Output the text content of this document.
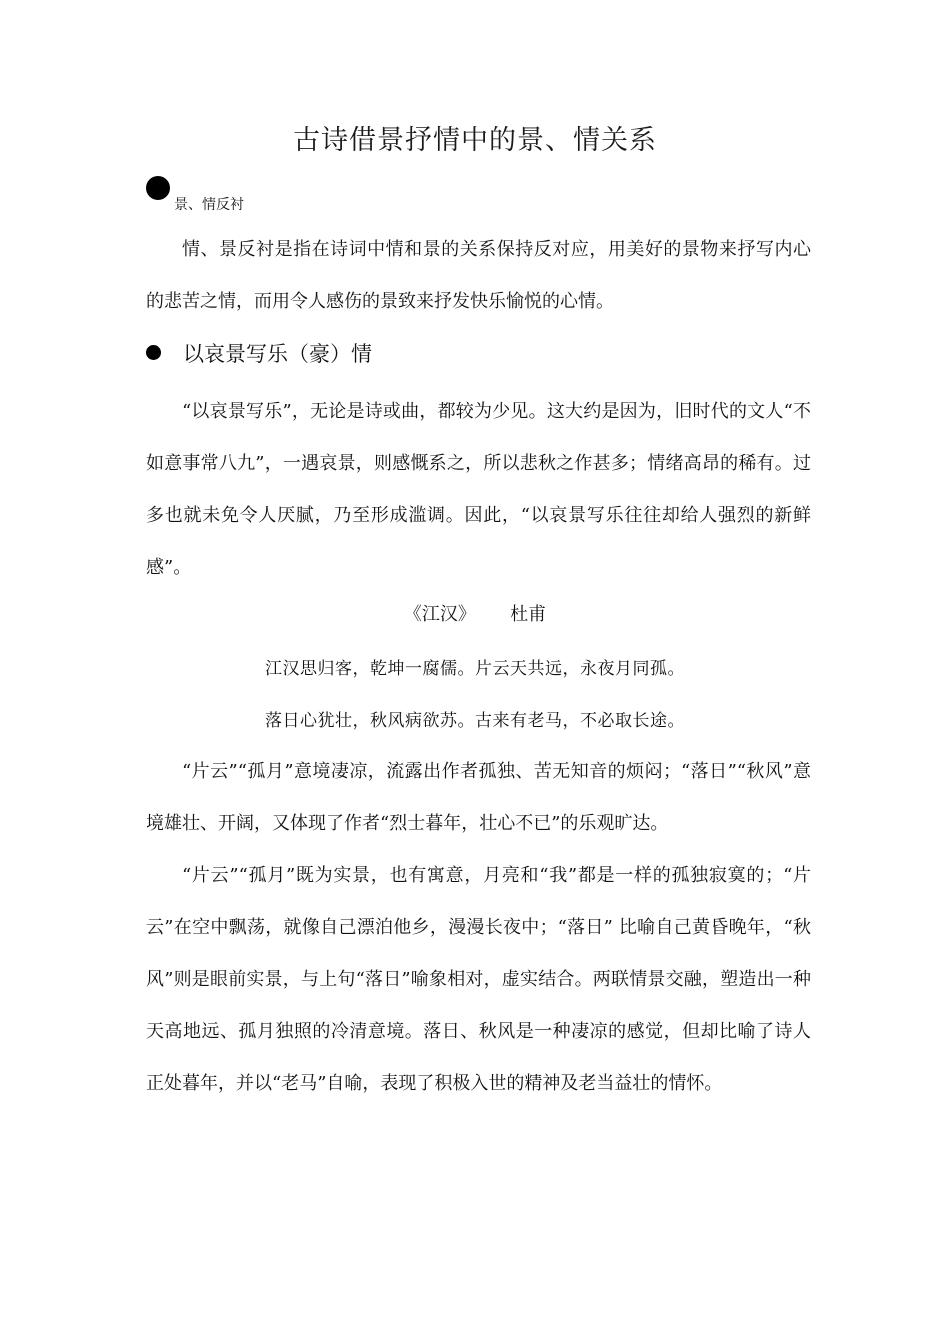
古诗借景抒情中的景、情关系
景、情反衬

情、景反衬是指在诗词中情和景的关系保持反对应，用美好的景物来抒写内心的悲苦之情，而用令人感伤的景致来抒发快乐愉悦的心情。

以哀景写乐（豪）情

“以哀景写乐”，无论是诗或曲，都较为少见。这大约是因为，旧时代的文人“不如意事常八九”，一遇哀景，则感慨系之，所以悲秋之作甚多；情绪高昂的稀有。过多也就未免令人厌腻，乃至形成滥调。因此，“以哀景写乐往往却给人强烈的新鲜感”。

《江汉》 杜甫
江汉思归客，乾坤一腐儒。片云天共远，永夜月同孤。
落日心犹壮，秋风病欲苏。古来有老马，不必取长途。

“片云”“孤月”意境凄凉，流露出作者孤独、苦无知音的烦闷；“落日”“秋风”意境雄壮、开阔，又体现了作者“烈士暮年，壮心不已”的乐观旷达。

“片云”“孤月”既为实景，也有寓意，月亮和“我”都是一样的孤独寂寞的；“片云”在空中飘荡，就像自己漂泊他乡，漫漫长夜中；“落日” 比喻自己黄昏晚年，“秋风”则是眼前实景，与上句“落日”喻象相对，虚实结合。两联情景交融，塑造出一种天高地远、孤月独照的冷清意境。落日、秋风是一种凄凉的感觉，但却比喻了诗人正处暮年，并以“老马”自喻，表现了积极入世的精神及老当益壮的情怀。
